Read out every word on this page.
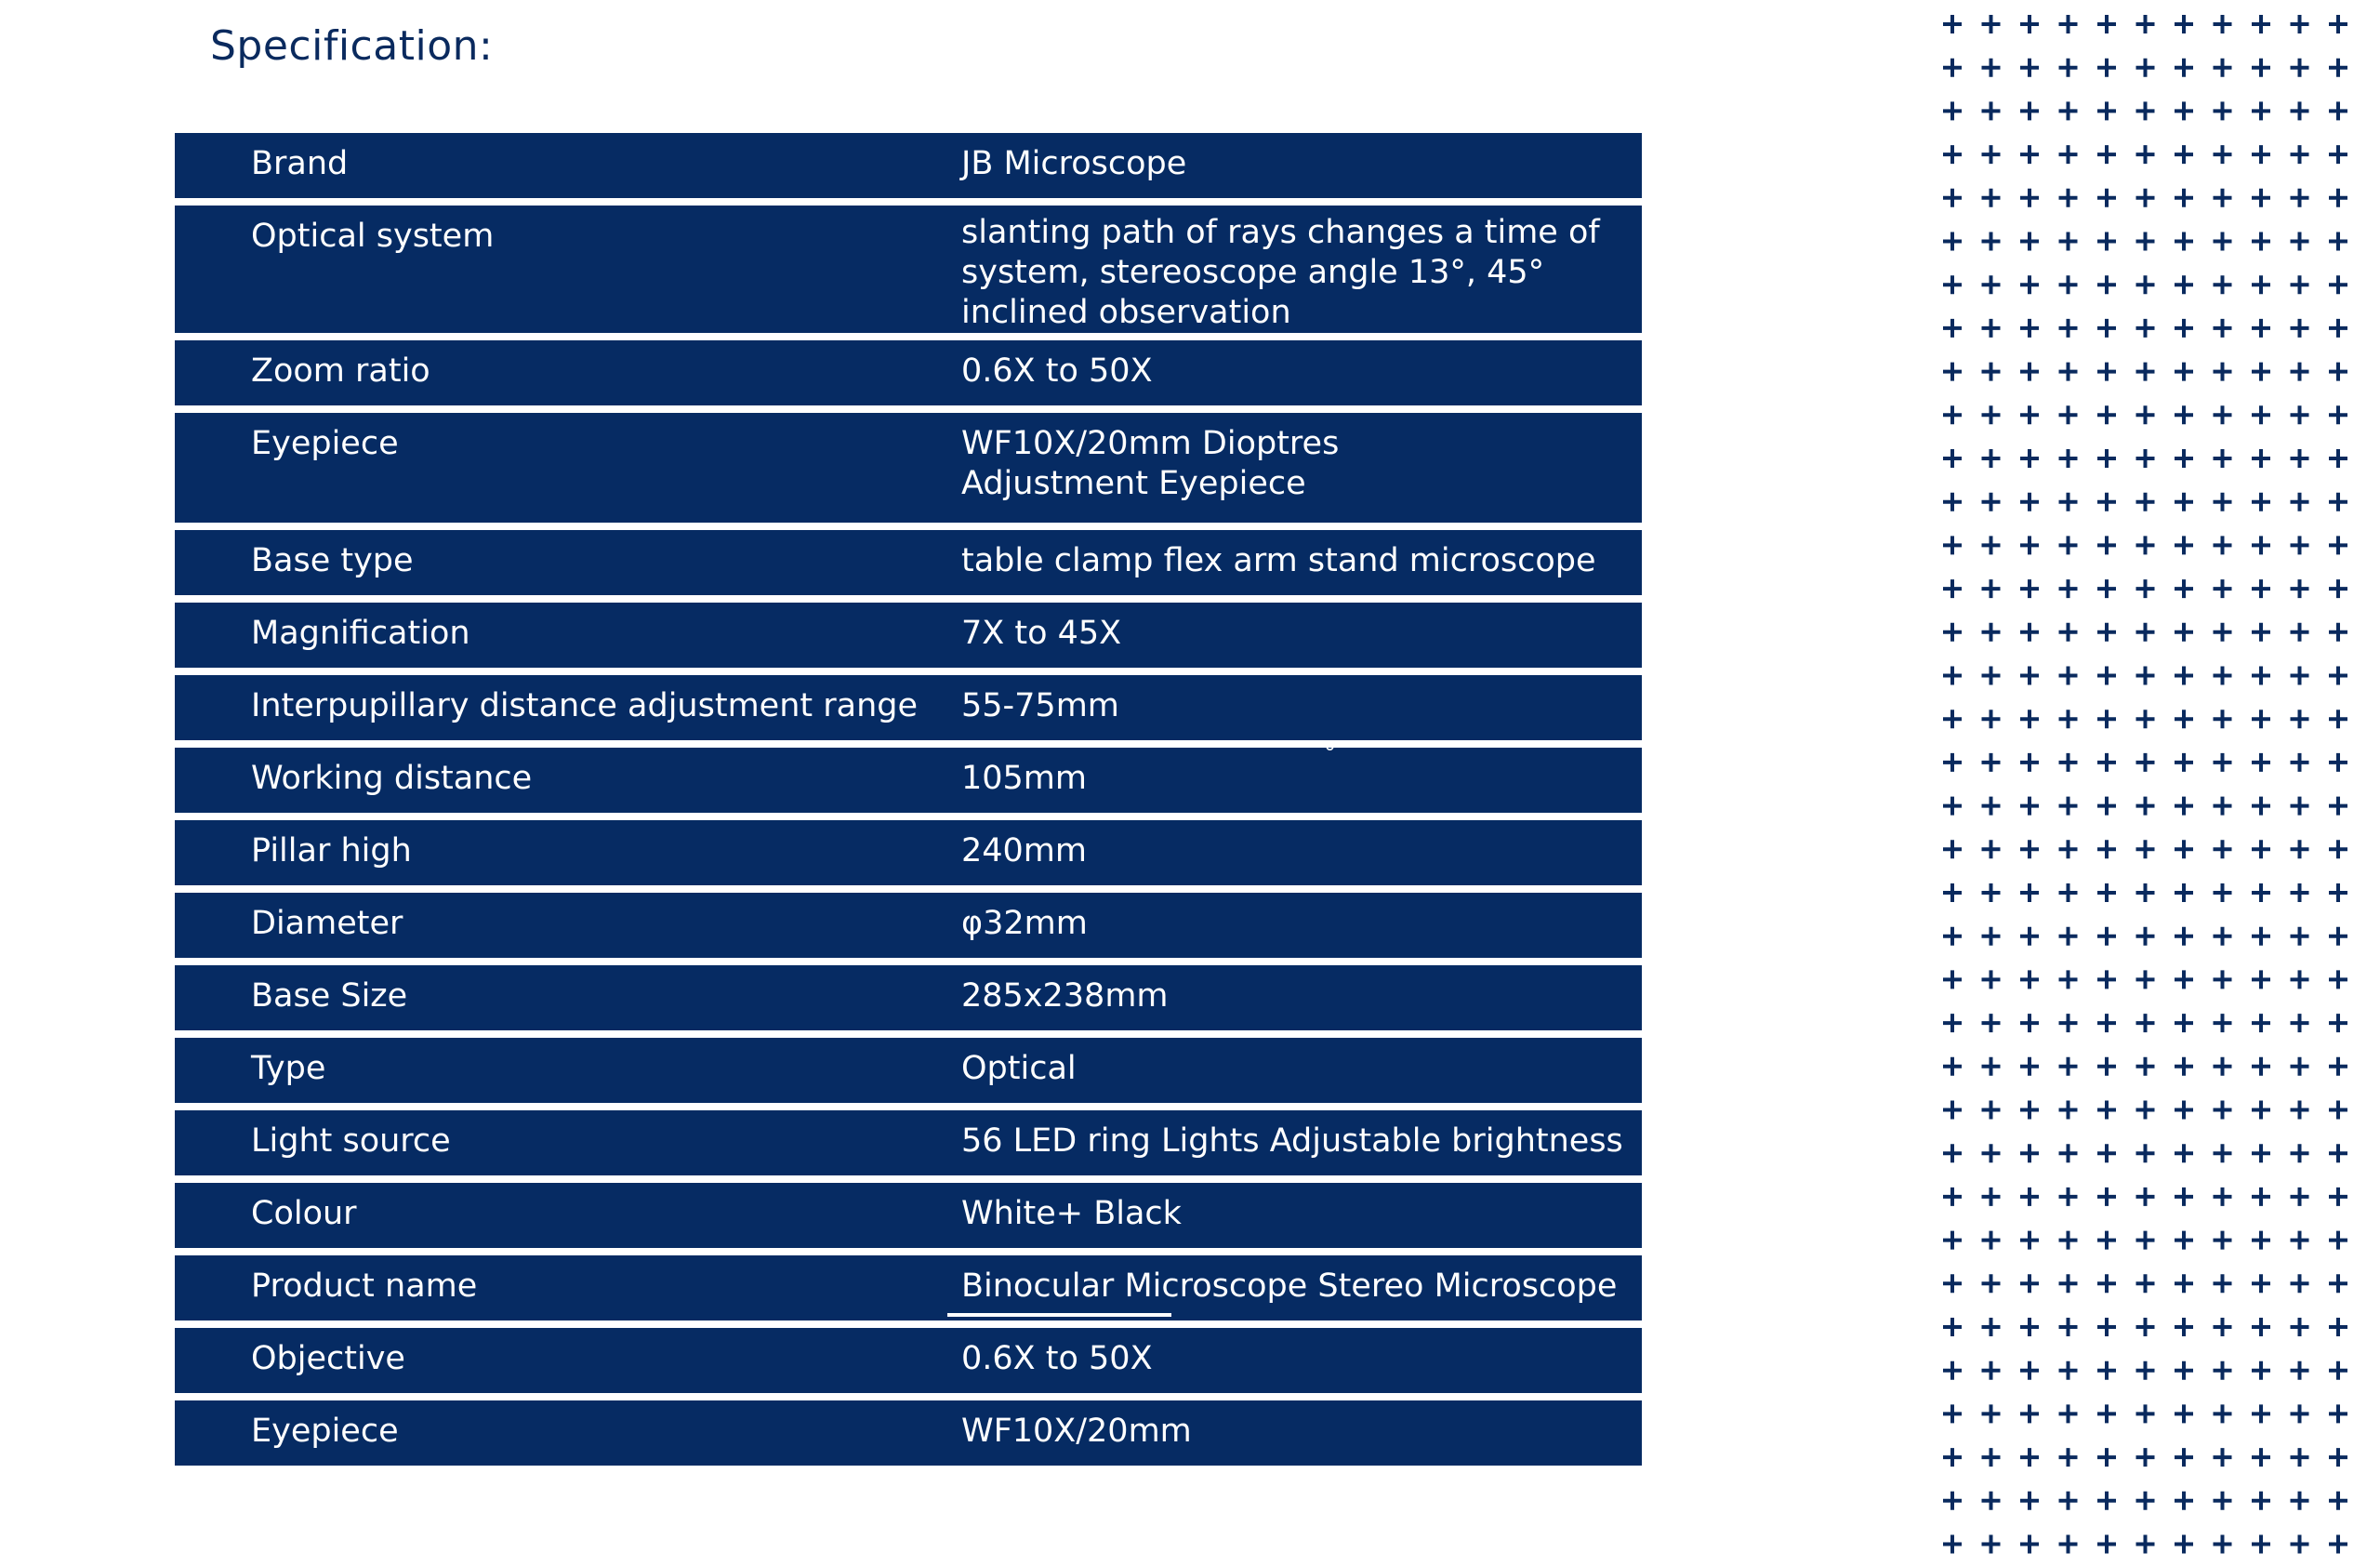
Specification:
Brand	JB Microscope
Optical system	slanting path of rays changes a time of system, stereoscope angle 13°, 45° inclined observation
Zoom ratio	0.6X to 50X
Eyepiece	WF10X/20mm Dioptres Adjustment Eyepiece
Base type	table clamp flex arm stand microscope
Magnification	7X to 45X
Interpupillary distance adjustment range 55-75mm
Working distance	105mm
Pillar high	240mm
Diameter	φ32mm
Base Size	285x238mm
Type	Optical
Light source	56 LED ring Lights Adjustable brightness
Colour	White+ Black
Product name	Binocular Microscope Stereo Microscope
Objective	0.6X to 50X
Eyepiece	WF10X/20mm
°
